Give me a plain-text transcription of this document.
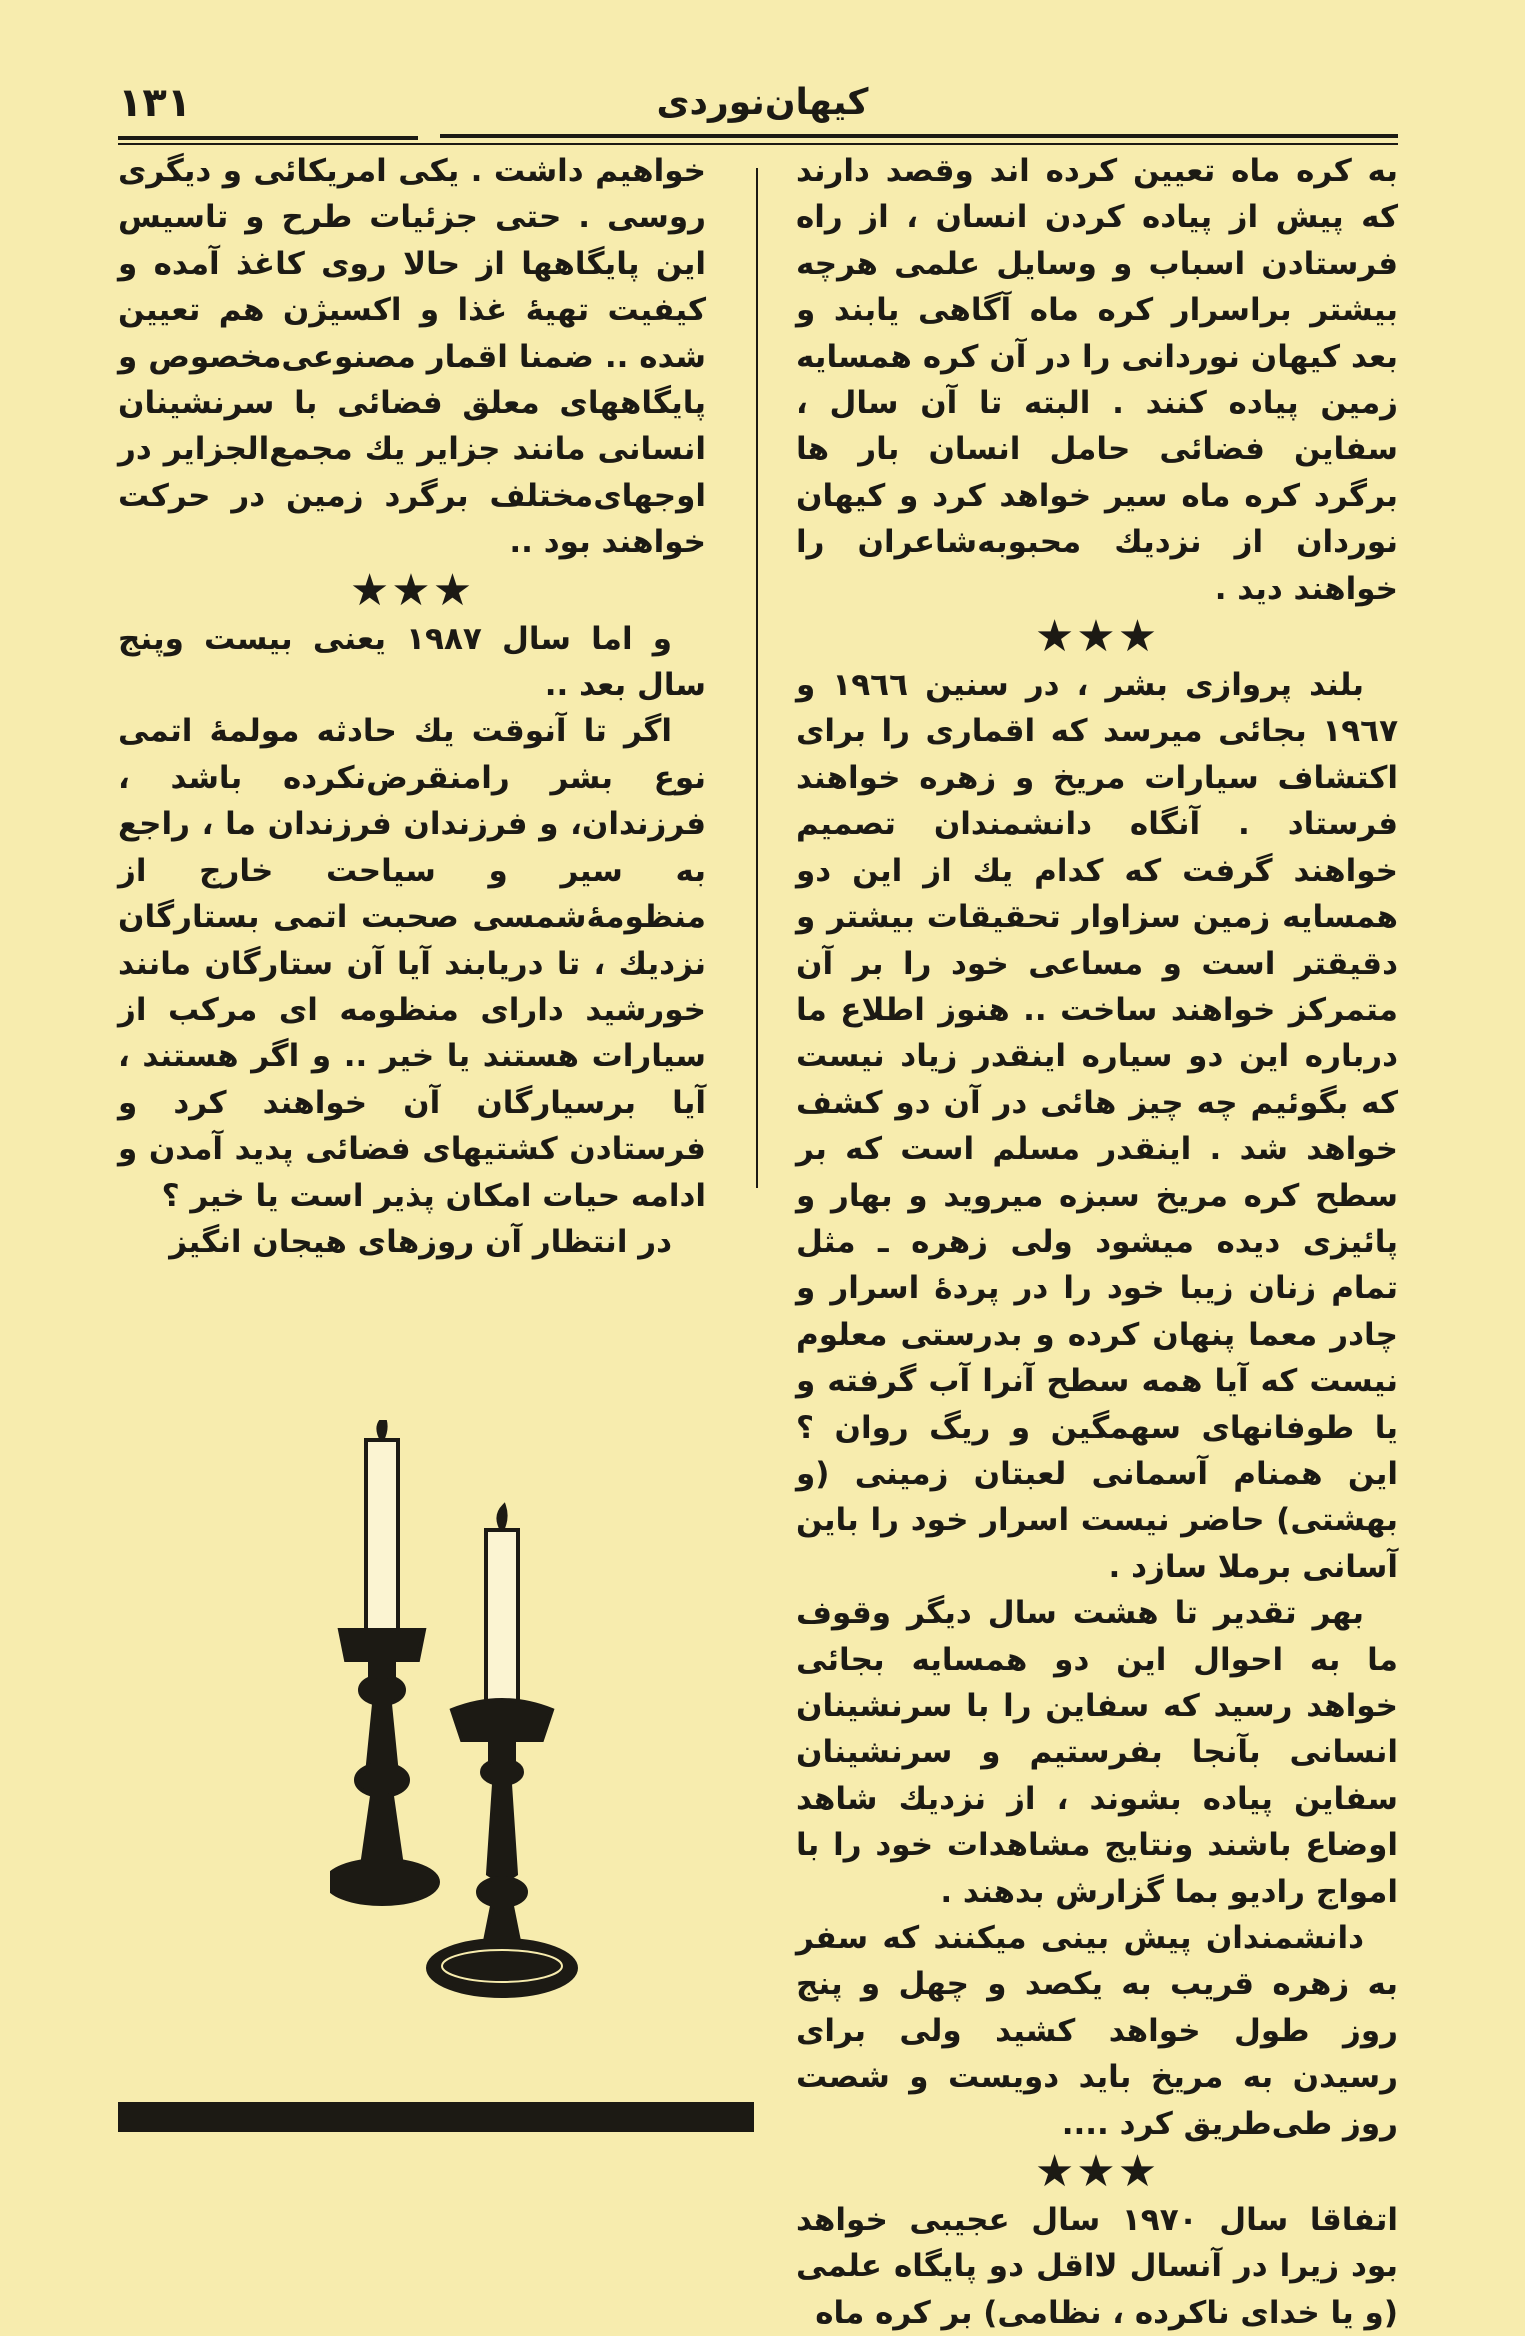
١٣١	کیهان‌نوردی

به کره ماه تعیین کرده اند وقصد دارند که پیش از پیاده کردن انسان ، از راه فرستادن اسباب و وسایل علمی هرچه بیشتر براسرار کره ماه آگاهی یابند و بعد کیهان نوردانی را در آن کره همسایه زمین پیاده کنند . البته تا آن سال ، سفاین فضائی حامل انسان بار ها برگرد کره ماه سیر خواهد کرد و کیهان نوردان از نزدیك محبوبه‌شاعران را خواهند دید .

★★★

بلند پروازی بشر ، در سنین ١٩٦٦ و ١٩٦٧ بجائی میرسد که اقماری را برای اکتشاف سیارات مریخ و زهره خواهند فرستاد . آنگاه دانشمندان تصمیم خواهند گرفت که کدام یك از این دو همسایه زمین سزاوار تحقیقات بیشتر و دقیقتر است و مساعی خود را بر آن متمرکز خواهند ساخت .. هنوز اطلاع ما درباره این دو سیاره اینقدر زیاد نیست که بگوئیم چه چیز هائی در آن دو کشف خواهد شد . اینقدر مسلم است که بر سطح کره مریخ سبزه میروید و بهار و پائیزی دیده میشود ولی زهره ـ مثل تمام زنان زیبا خود را در پردهٔ اسرار و چادر معما پنهان کرده و بدرستی معلوم نیست که آیا همه سطح آنرا آب گرفته و یا طوفانهای سهمگین و ریگ روان ؟ این همنام آسمانی لعبتان زمینی (و بهشتی) حاضر نیست اسرار خود را باین آسانی برملا سازد .

بهر تقدیر تا هشت سال دیگر وقوف ما به احوال این دو همسایه بجائی خواهد رسید که سفاین را با سرنشینان انسانی بآنجا بفرستیم و سرنشینان سفاین پیاده بشوند ، از نزدیك شاهد اوضاع باشند ونتایج مشاهدات خود را با امواج رادیو بما گزارش بدهند .

دانشمندان پیش بینی میکنند که سفر به زهره قریب به یکصد و چهل و پنج روز طول خواهد کشید ولی برای رسیدن به مریخ باید دویست و شصت روز طی‌طریق کرد ....

★★★

اتفاقا سال ١٩٧٠ سال عجیبی خواهد بود زیرا در آنسال لااقل دو پایگاه علمی (و یا خدای ناکرده ، نظامی) بر کره ماه

خواهیم داشت . یکی امریکائی و دیگری روسی . حتی جزئیات طرح و تاسیس این پایگاهها از حالا روی کاغذ آمده و کیفیت تهیهٔ غذا و اکسیژن هم تعیین شده .. ضمنا اقمار مصنوعی‌مخصوص و پایگاههای معلق فضائی با سرنشینان انسانی مانند جزایر یك مجمع‌الجزایر در اوجهای‌مختلف برگرد زمین در حرکت خواهند بود ..

★★★

و اما سال ١٩٨٧ یعنی بیست وپنج سال بعد ..

اگر تا آنوقت یك حادثه مولمهٔ اتمی نوع بشر رامنقرض‌نکرده باشد ، فرزندان، و فرزندان فرزندان ما ، راجع به سیر و سیاحت خارج از منظومهٔ‌شمسی صحبت اتمی بستارگان نزدیك ، تا دریابند آیا آن ستارگان مانند خورشید دارای منظومه ای مرکب از سیارات هستند یا خیر .. و اگر هستند ، آیا برسیارگان آن خواهند کرد و فرستادن کشتیهای فضائی پدید آمدن و ادامه حیات امکان پذیر است یا خیر ؟

در انتظار آن روزهای هیجان انگیز
